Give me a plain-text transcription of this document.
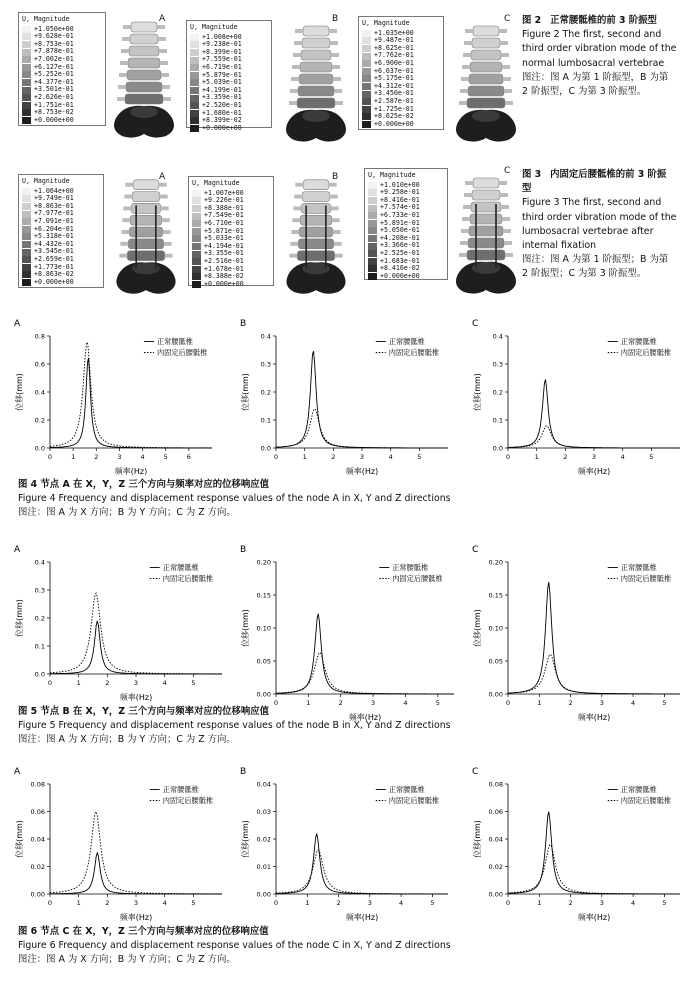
U, Magnitude
+1.050e+00
+9.628e-01
+8.753e-01
+7.878e-01
+7.002e-01
+6.127e-01
+5.252e-01
+4.377e-01
+3.501e-01
+2.626e-01
+1.751e-01
+8.753e-02
+0.000e+00
U, Magnitude
+1.008e+00
+9.238e-01
+8.399e-01
+7.559e-01
+6.719e-01
+5.879e-01
+5.039e-01
+4.199e-01
+3.359e-01
+2.520e-01
+1.680e-01
+8.399e-02
+0.000e+00
U, Magnitude
+1.035e+00
+9.487e-01
+8.625e-01
+7.762e-01
+6.900e-01
+6.037e-01
+5.175e-01
+4.312e-01
+3.450e-01
+2.587e-01
+1.725e-01
+8.625e-02
+0.000e+00
A	B	C 图 2 正常腰骶椎的前 3 阶振型
Figure 2 The first, second and
third order vibration mode of the
normal lumbosacral vertebrae
图注：图 A 为第 1 阶振型，B 为第
2 阶振型，C 为第 3 阶振型。
U, Magnitude
+1.064e+00
+9.749e-01
+8.863e-01
+7.977e-01
+7.091e-01
+6.204e-01
+5.318e-01
+4.432e-01
+3.545e-01
+2.659e-01
+1.773e-01
+8.863e-02
+0.000e+00
U, Magnitude
+1.007e+00
+9.226e-01
+8.388e-01
+7.549e-01
+6.710e-01
+5.871e-01
+5.033e-01
+4.194e-01
+3.355e-01
+2.516e-01
+1.678e-01
+8.388e-02
+0.000e+00
U, Magnitude
+1.010e+00
+9.258e-01
+8.416e-01
+7.574e-01
+6.733e-01
+5.891e-01
+5.050e-01
+4.208e-01
+3.366e-01
+2.525e-01
+1.683e-01
+8.416e-02
+0.000e+00
A	B
C 图 3 内固定后腰骶椎的前 3 阶振
型
Figure 3 The first, second and
third order vibration mode of the
lumbosacral vertebrae after
internal fixation
图注：图 A 为第 1 阶振型；B 为第
2 阶振型；C 为第 3 阶振型。
A
0.0
0.2
0.4
0.6
0.8
0	1	2	3	4	5	6
频率(Hz)
位移(mm)
正常腰骶椎
内固定后腰骶椎
B
0.0
0.1
0.2
0.3
0.4
0	1	2	3	4	5
频率(Hz)
位移(mm)
正常腰骶椎
内固定后腰骶椎
C
0.0
0.1
0.2
0.3
0.4
0	1	2	3	4	5
频率(Hz)
位移(mm)
正常腰骶椎
内固定后腰骶椎
图 4 节点 A 在 X，Y，Z 三个方向与频率对应的位移响应值
Figure 4 Frequency and displacement response values of the node A in X, Y and Z directions
图注：图 A 为 X 方向；B 为 Y 方向；C 为 Z 方向。
A
0.0
0.1
0.2
0.3
0.4
0	1	2	3	4	5
频率(Hz)
位移(mm)
正常腰骶椎
内固定后腰骶椎
B
0.00
0.05
0.10
0.15
0.20
0	1	2	3	4	5
频率(Hz)
位移(mm)
正常腰骶椎
内固定后腰骶椎
C
0.00
0.05
0.10
0.15
0.20
0	1	2	3	4	5
频率(Hz)
位移(mm)
正常腰骶椎
内固定后腰骶椎
图 5 节点 B 在 X，Y，Z 三个方向与频率对应的位移响应值
Figure 5 Frequency and displacement response values of the node B in X, Y and Z directions
图注：图 A 为 X 方向；B 为 Y 方向；C 为 Z 方向。
A
0.00
0.02
0.04
0.06
0.08
0	1	2	3	4	5
频率(Hz)
位移(mm)
正常腰骶椎
内固定后腰骶椎
B
0.00
0.01
0.02
0.03
0.04
0	1	2	3	4	5
频率(Hz)
位移(mm)
正常腰骶椎
内固定后腰骶椎
C
0.00
0.02
0.04
0.06
0.08
0	1	2	3	4	5
频率(Hz)
位移(mm)
正常腰骶椎
内固定后腰骶椎
图 6 节点 C 在 X，Y，Z 三个方向与频率对应的位移响应值
Figure 6 Frequency and displacement response values of the node C in X, Y and Z directions
图注：图 A 为 X 方向；B 为 Y 方向；C 为 Z 方向。
